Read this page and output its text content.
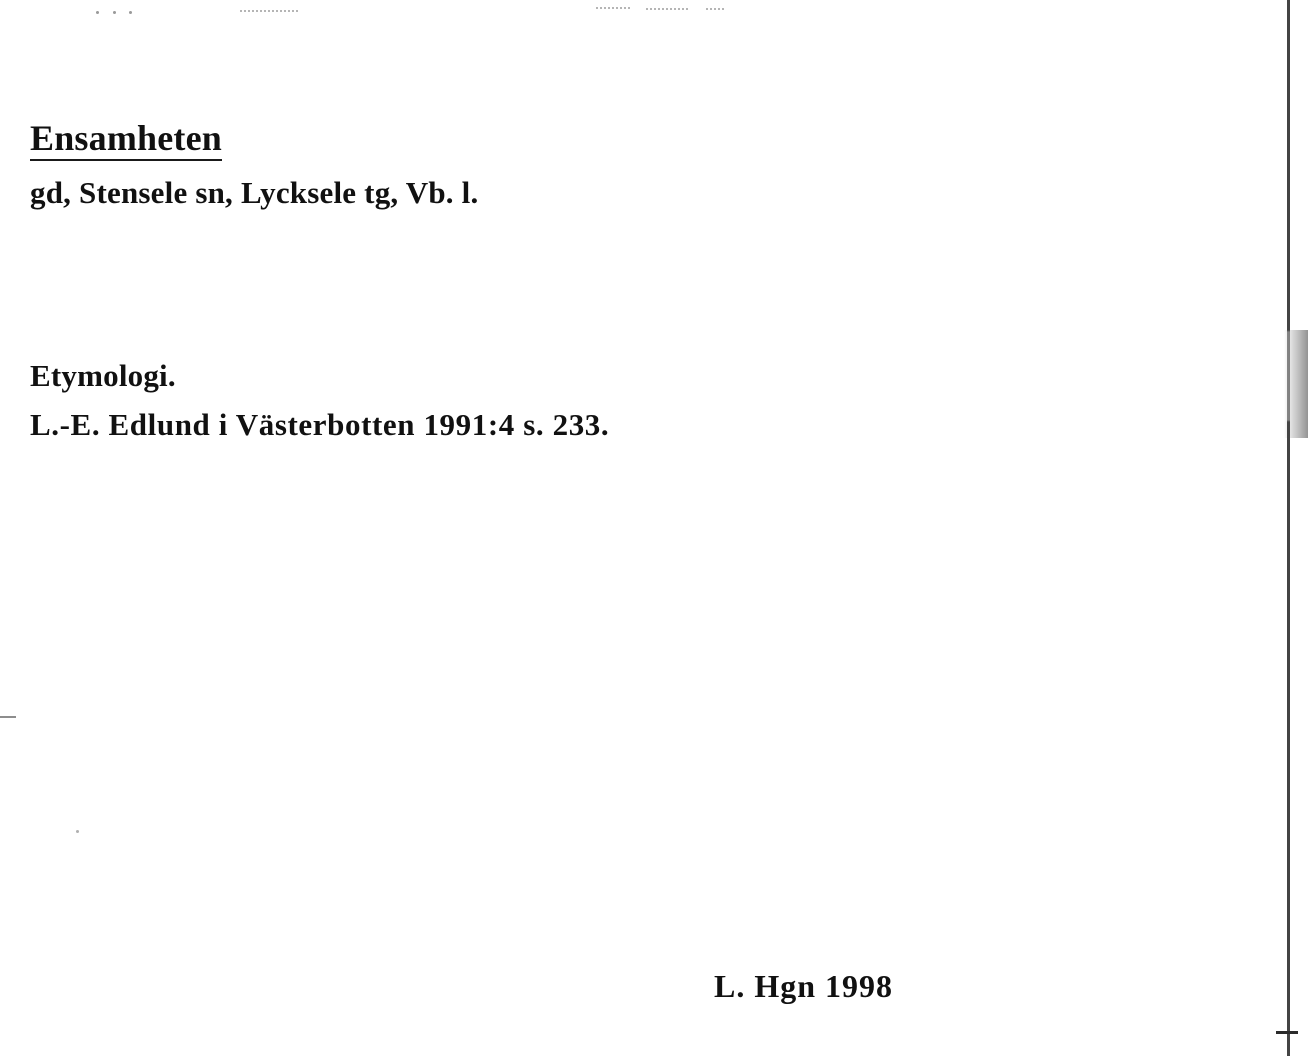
Ensamheten
gd, Stensele sn, Lycksele tg, Vb. l.
Etymologi.
L.-E. Edlund i Västerbotten 1991:4 s. 233.
L. Hgn 1998
